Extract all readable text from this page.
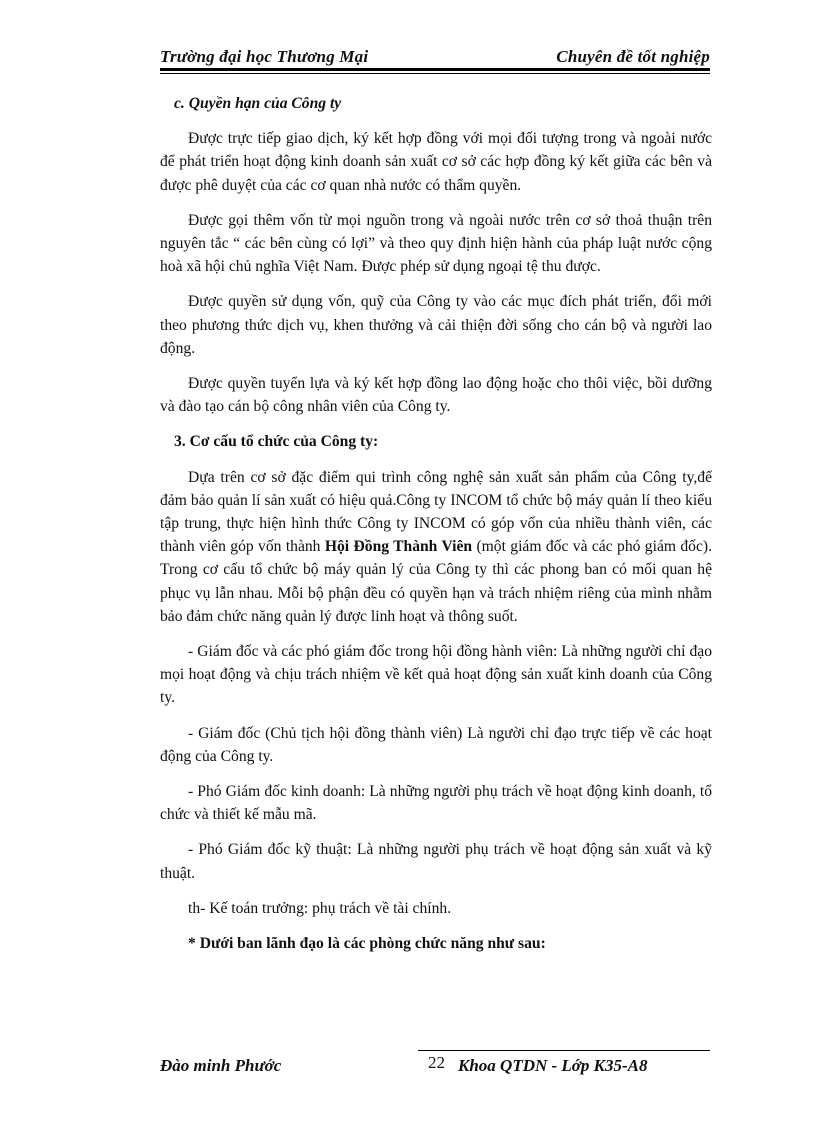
Trường đại học Thương Mại	Chuyên đề tốt nghiệp
c. Quyền hạn của Công ty

Được trực tiếp giao dịch, ký kết hợp đồng với mọi đối tượng trong và ngoài nước để phát triển hoạt động kinh doanh sản xuất cơ sở các hợp đồng ký kết giữa các bên và được phê duyệt của các cơ quan nhà nước có thẩm quyền.

Được gọi thêm vốn từ mọi nguồn trong và ngoài nước trên cơ sở thoả thuận trên nguyên tắc “ các bên cùng có lợi” và theo quy định hiện hành của pháp luật nước cộng hoà xã hội chủ nghĩa Việt Nam. Được phép sử dụng ngoại tệ thu được.

Được quyền sử dụng vốn, quỹ của Công ty vào các mục đích phát triển, đổi mới theo phương thức dịch vụ, khen thưởng và cải thiện đời sống cho cán bộ và người lao động.

Được quyền tuyển lựa và ký kết hợp đồng lao động hoặc cho thôi việc, bồi dưỡng và đào tạo cán bộ công nhân viên của Công ty.

3. Cơ cấu tổ chức của Công ty:

Dựa trên cơ sở đặc điểm qui trình công nghệ sản xuất sản phẩm của Công ty,để đảm bảo quản lí sản xuất có hiệu quả.Công ty INCOM tổ chức bộ máy quản lí theo kiểu tập trung, thực hiện hình thức Công ty INCOM có góp vốn của nhiều thành viên, các thành viên góp vốn thành Hội Đồng Thành Viên (một giám đốc và các phó giám đốc). Trong cơ cấu tổ chức bộ máy quản lý của Công ty thì các phong ban có mối quan hệ phục vụ lẫn nhau. Mỗi bộ phận đều có quyền hạn và trách nhiệm riêng của mình nhằm bảo đảm chức năng quản lý được linh hoạt và thông suốt.

- Giám đốc và các phó giám đốc trong hội đồng hành viên: Là những người chỉ đạo mọi hoạt động và chịu trách nhiệm về kết quả hoạt động sản xuất kinh doanh của Công ty.

- Giám đốc (Chủ tịch hội đồng thành viên) Là người chỉ đạo trực tiếp về các hoạt động của Công ty.

- Phó Giám đốc kinh doanh: Là những người phụ trách về hoạt động kinh doanh, tổ chức và thiết kế mẫu mã.

- Phó Giám đốc kỹ thuật: Là những người phụ trách về hoạt động sản xuất và kỹ thuật.

th- Kế toán trưởng: phụ trách về tài chính.

* Dưới ban lãnh đạo là các phòng chức năng như sau:

Đào minh Phước	22 Khoa QTDN - Lớp K35-A8
